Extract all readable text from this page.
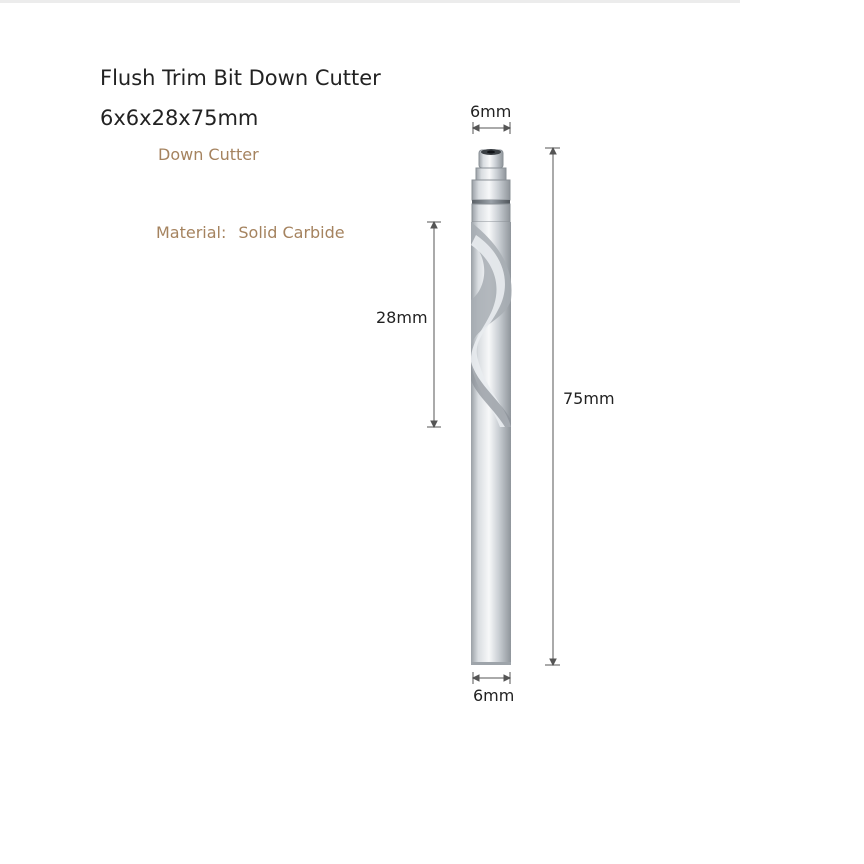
Flush Trim Bit Down Cutter
6x6x28x75mm
Down Cutter
Material: Solid Carbide
6mm
28mm
75mm
6mm
